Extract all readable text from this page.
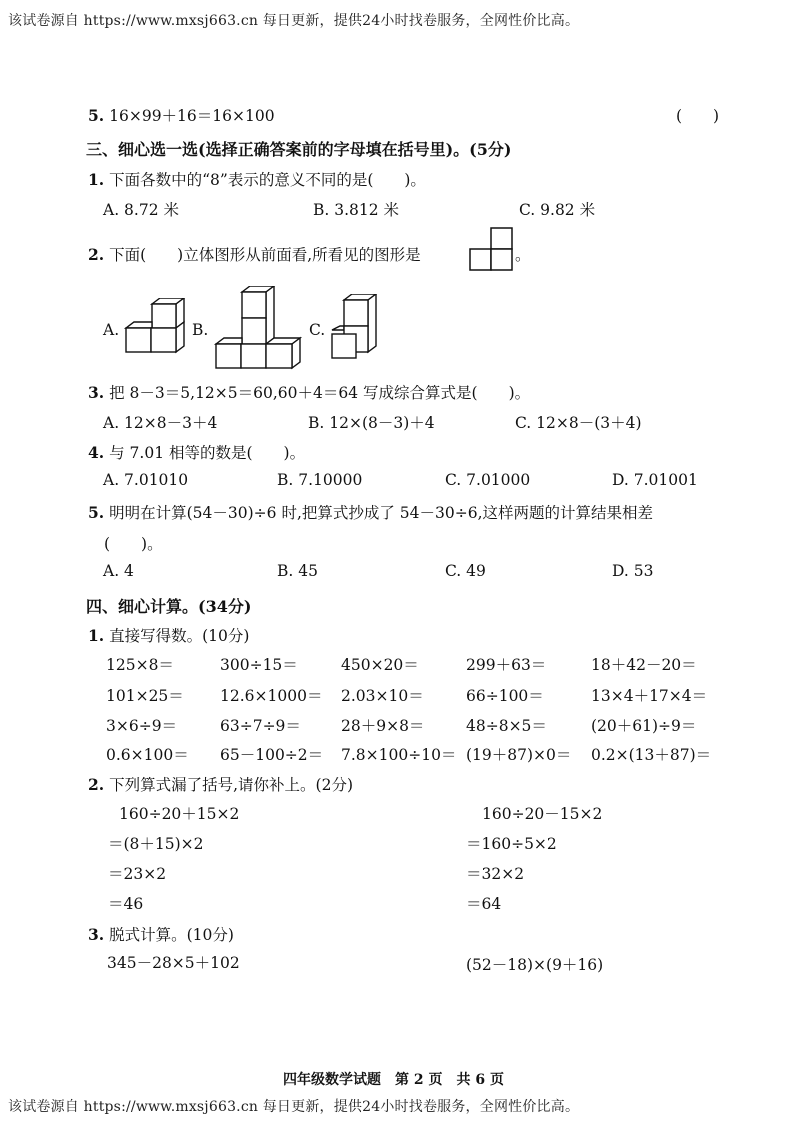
该试卷源自 https://www.mxsj663.cn 每日更新，提供24小时找卷服务，全网性价比高。
5. 16×99＋16＝16×100	(　　)
三、细心选一选(选择正确答案前的字母填在括号里)。(5分)
1. 下面各数中的“8”表示的意义不同的是(　　)。
A. 8.72 米	B. 3.812 米	C. 9.82 米
2. 下面(　　)立体图形从前面看,所看见的图形是	。
A.	B.	C.
3. 把 8－3＝5,12×5＝60,60＋4＝64 写成综合算式是(　　)。
A. 12×8－3＋4	B. 12×(8－3)＋4	C. 12×8－(3＋4)
4. 与 7.01 相等的数是(　　)。
A. 7.01010	B. 7.10000	C. 7.01000	D. 7.01001
5. 明明在计算(54－30)÷6 时,把算式抄成了 54－30÷6,这样两题的计算结果相差
(　　)。
A. 4	B. 45	C. 49	D. 53
四、细心计算。(34分)
1. 直接写得数。(10分)
125×8＝	300÷15＝	450×20＝	299＋63＝	18＋42－20＝
101×25＝ 12.6×1000＝ 2.03×10＝	66÷100＝	13×4＋17×4＝
3×6÷9＝	63÷7÷9＝	28＋9×8＝	48÷8×5＝	(20＋61)÷9＝
0.6×100＝ 65－100÷2＝ 7.8×100÷10＝ (19＋87)×0＝ 0.2×(13＋87)＝
2. 下列算式漏了括号,请你补上。(2分)
160÷20＋15×2
＝(8＋15)×2
＝23×2
＝46
160÷20－15×2
＝160÷5×2
＝32×2
＝64
3. 脱式计算。(10分)
345－28×5＋102	(52－18)×(9＋16)
四年级数学试题　第 2 页　共 6 页
该试卷源自 https://www.mxsj663.cn 每日更新，提供24小时找卷服务，全网性价比高。
